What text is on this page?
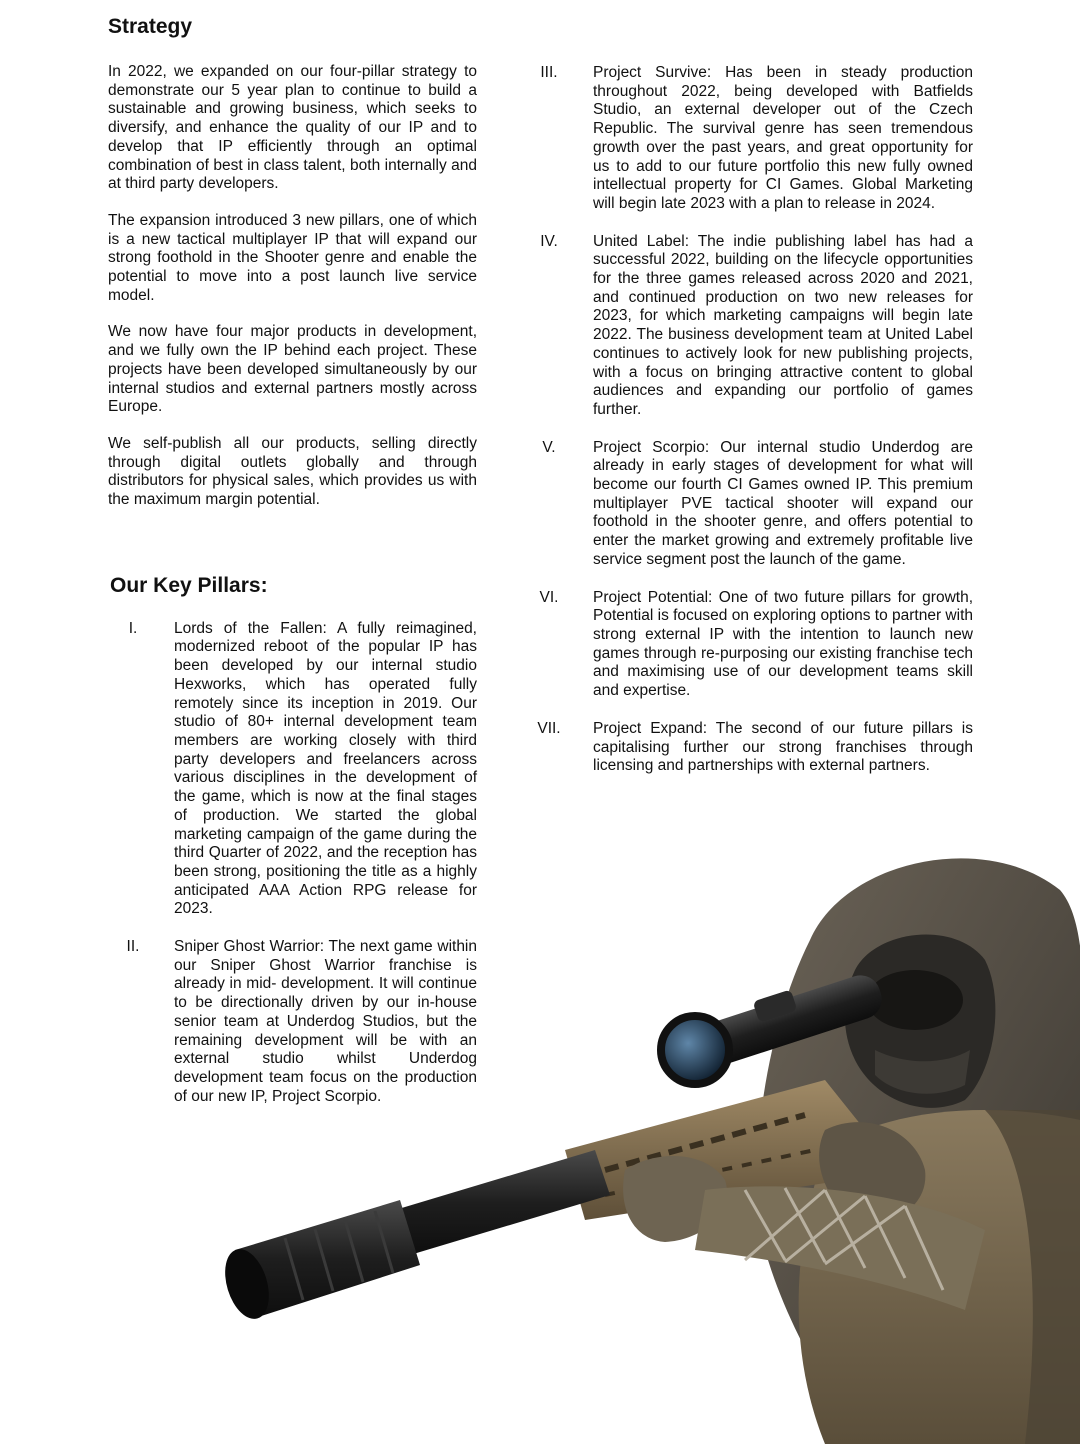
Strategy

In 2022, we expanded on our four-pillar strategy to demonstrate our 5 year plan to continue to build a sustainable and growing business, which seeks to diversify, and enhance the quality of our IP and to develop that IP efficiently through an optimal combination of best in class talent, both internally and at third party developers.

The expansion introduced 3 new pillars, one of which is a new tactical multiplayer IP that will expand our strong foothold in the Shooter genre and enable the potential to move into a post launch live service model.

We now have four major products in development, and we fully own the IP behind each project. These projects have been developed simultaneously by our internal studios and external partners mostly across Europe.

We self-publish all our products, selling directly through digital outlets globally and through distributors for physical sales, which provides us with the maximum margin potential.

Our Key Pillars:
I.	Lords of the Fallen: A fully reimagined, modernized reboot of the popular IP has been developed by our internal studio Hexworks, which has operated fully remotely since its inception in 2019. Our studio of 80+ internal development team members are working closely with third party developers and freelancers across various disciplines in the development of the game, which is now at the final stages of production. We started the global marketing campaign of the game during the third Quarter of 2022, and the reception has been strong, positioning the title as a highly anticipated AAA Action RPG release for 2023.
II.	Sniper Ghost Warrior: The next game within our Sniper Ghost Warrior franchise is already in mid- development. It will continue to be directionally driven by our in-house senior team at Underdog Studios, but the remaining development will be with an external studio whilst Underdog development team focus on the production of our new IP, Project Scorpio.
III.	Project Survive: Has been in steady production throughout 2022, being developed with Batfields Studio, an external developer out of the Czech Republic. The survival genre has seen tremendous growth over the past years, and great opportunity for us to add to our future portfolio this new fully owned intellectual property for CI Games. Global Marketing will begin late 2023 with a plan to release in 2024.
IV.	United Label: The indie publishing label has had a successful 2022, building on the lifecycle opportunities for the three games released across 2020 and 2021, and continued production on two new releases for 2023, for which marketing campaigns will begin late 2022. The business development team at United Label continues to actively look for new publishing projects, with a focus on bringing attractive content to global audiences and expanding our portfolio of games further.
V.	Project Scorpio: Our internal studio Underdog are already in early stages of development for what will become our fourth CI Games owned IP. This premium multiplayer PVE tactical shooter will expand our foothold in the shooter genre, and offers potential to enter the market growing and extremely profitable live service segment post the launch of the game.
VI.	Project Potential: One of two future pillars for growth, Potential is focused on exploring options to partner with strong external IP with the intention to launch new games through re-purposing our existing franchise tech and maximising use of our development teams skill and expertise.
VII.	Project Expand: The second of our future pillars is capitalising further our strong franchises through licensing and partnerships with external partners.
